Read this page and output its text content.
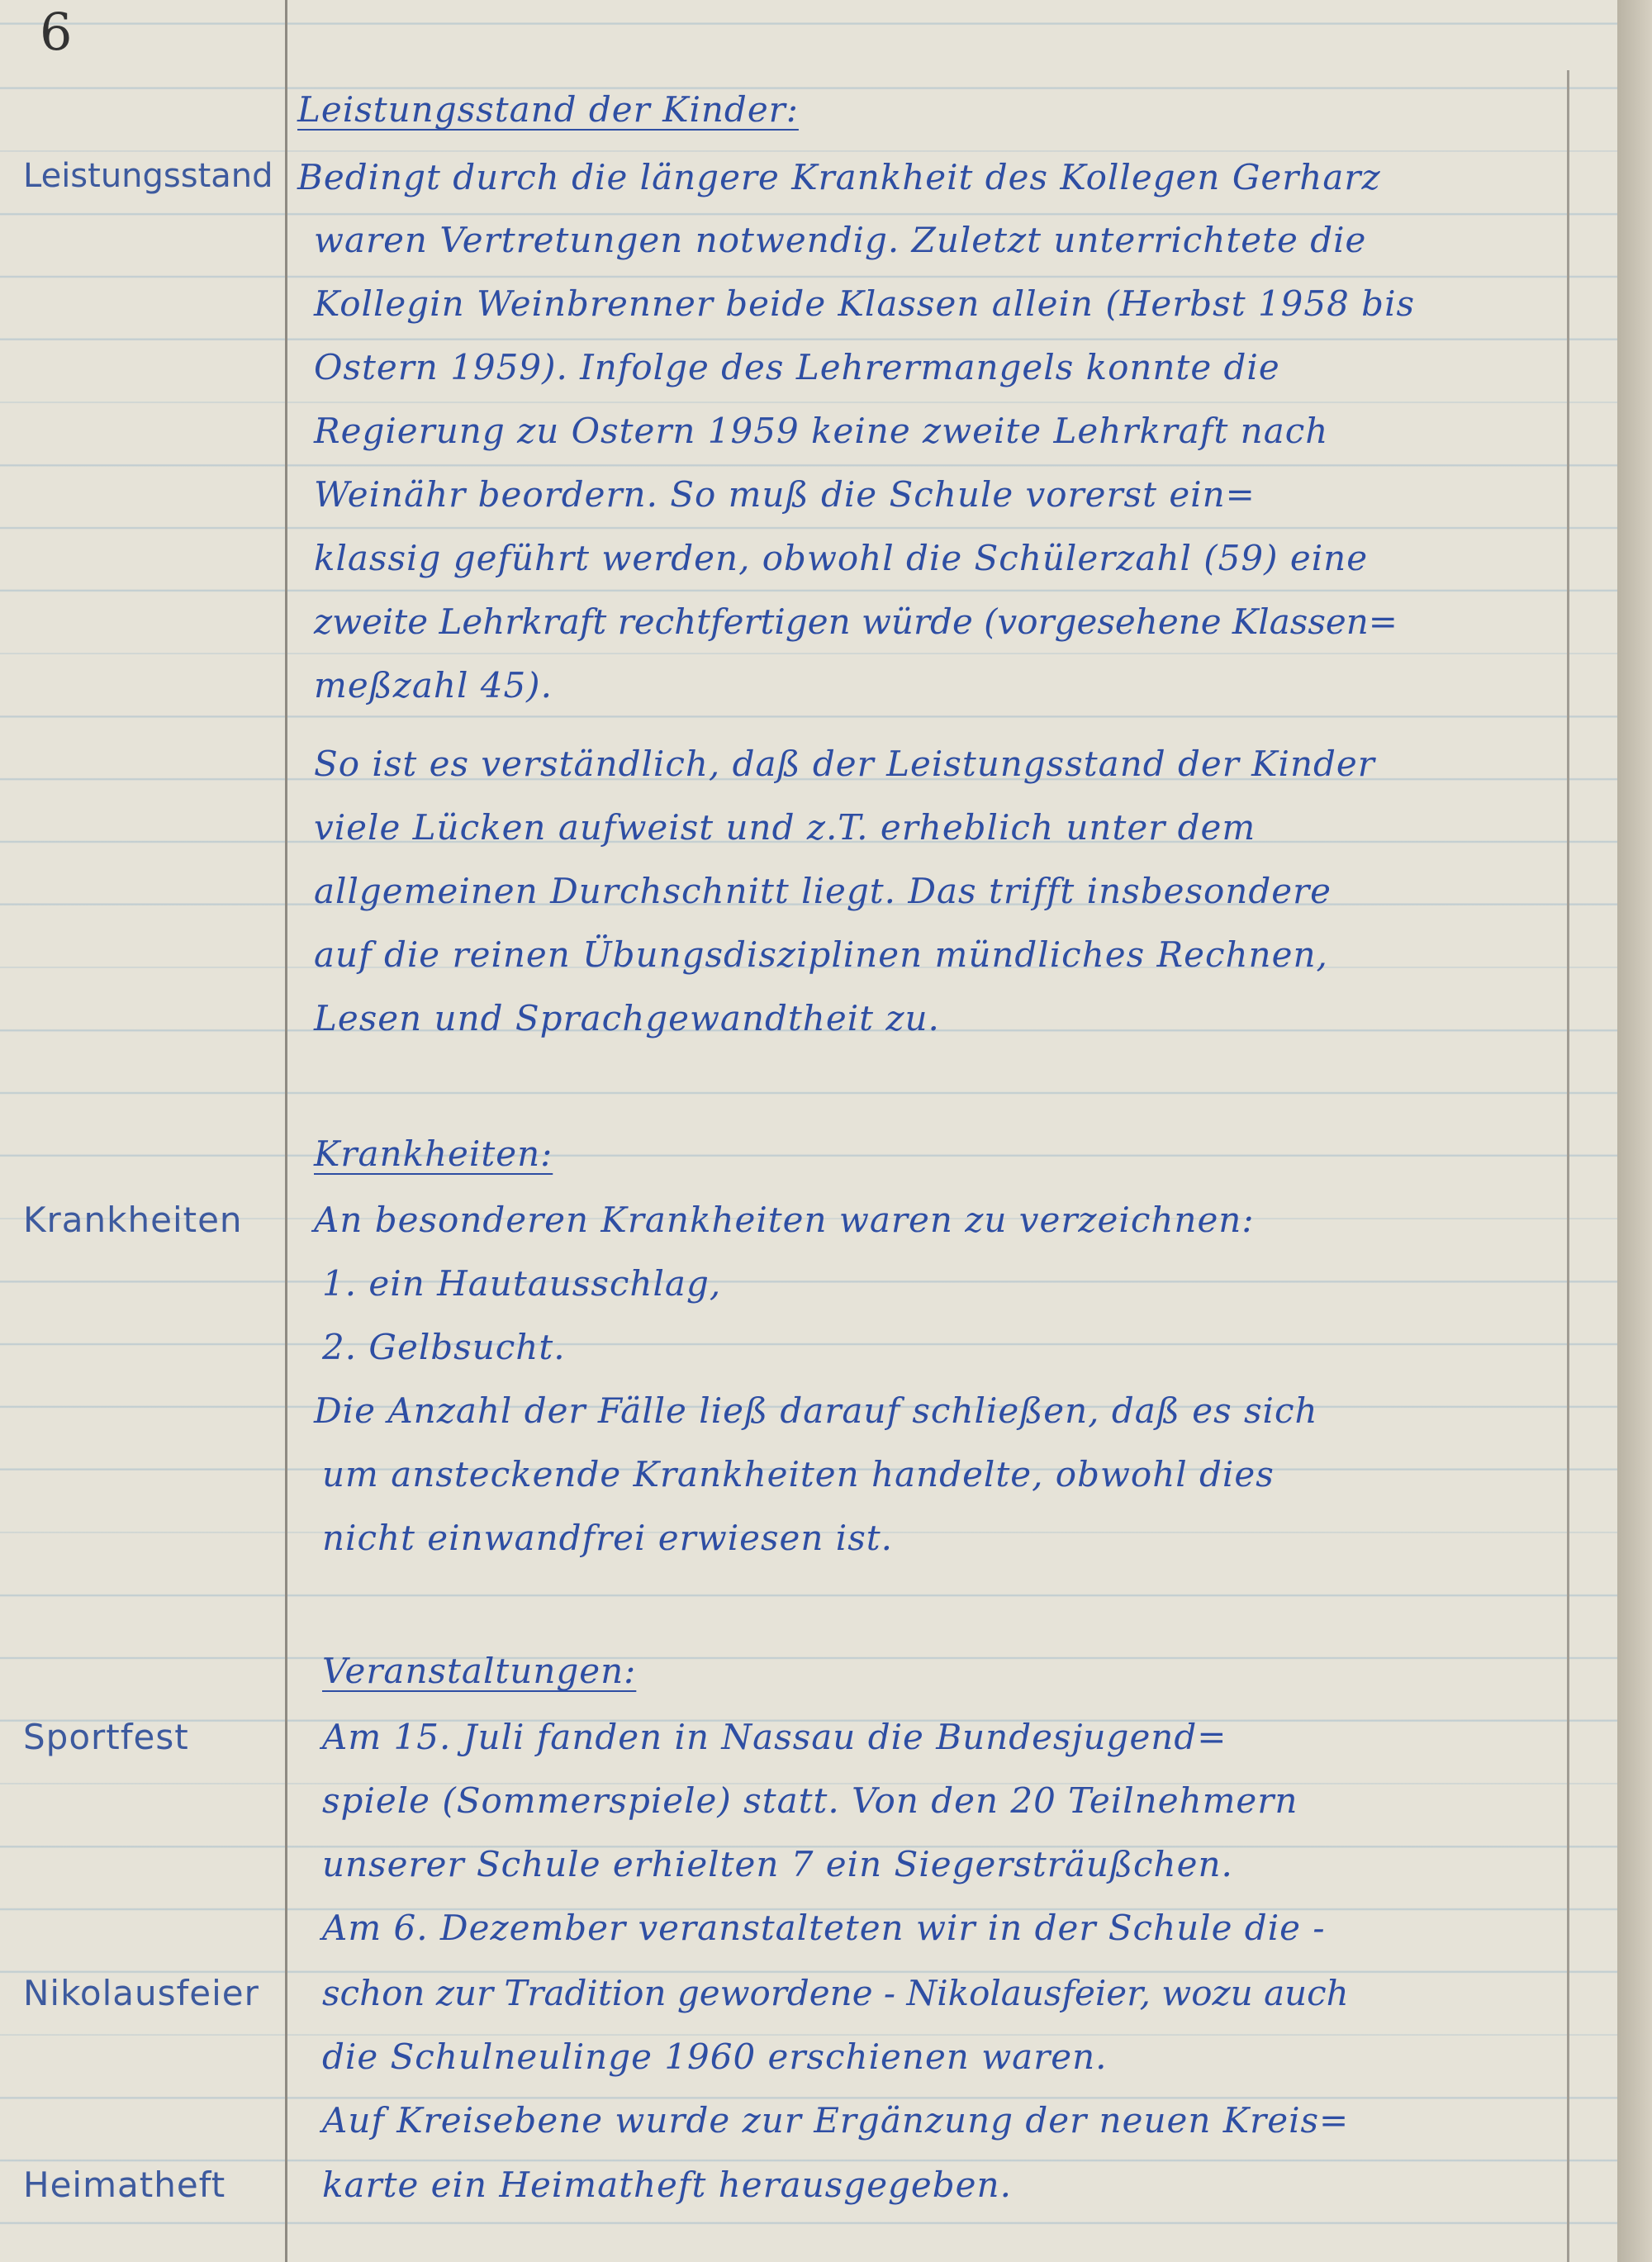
6
Leistungsstand
Krankheiten
Sportfest
Nikolausfeier
Heimatheft
Leistungsstand der Kinder:
Bedingt durch die längere Krankheit des Kollegen Gerharz
waren Vertretungen notwendig. Zuletzt unterrichtete die
Kollegin Weinbrenner beide Klassen allein (Herbst 1958 bis
Ostern 1959). Infolge des Lehrermangels konnte die
Regierung zu Ostern 1959 keine zweite Lehrkraft nach
Weinähr beordern. So muß die Schule vorerst ein=
klassig geführt werden, obwohl die Schülerzahl (59) eine
zweite Lehrkraft rechtfertigen würde (vorgesehene Klassen=
meßzahl 45).
So ist es verständlich, daß der Leistungsstand der Kinder
viele Lücken aufweist und z.T. erheblich unter dem
allgemeinen Durchschnitt liegt. Das trifft insbesondere
auf die reinen Übungsdisziplinen mündliches Rechnen,
Lesen und Sprachgewandtheit zu.
Krankheiten:
An besonderen Krankheiten waren zu verzeichnen:
1. ein Hautausschlag,
2. Gelbsucht.
Die Anzahl der Fälle ließ darauf schließen, daß es sich
um ansteckende Krankheiten handelte, obwohl dies
nicht einwandfrei erwiesen ist.
Veranstaltungen:
Am 15. Juli fanden in Nassau die Bundesjugend=
spiele (Sommerspiele) statt. Von den 20 Teilnehmern
unserer Schule erhielten 7 ein Siegersträußchen.
Am 6. Dezember veranstalteten wir in der Schule die -
schon zur Tradition gewordene - Nikolausfeier, wozu auch
die Schulneulinge 1960 erschienen waren.
Auf Kreisebene wurde zur Ergänzung der neuen Kreis=
karte ein Heimatheft herausgegeben.
